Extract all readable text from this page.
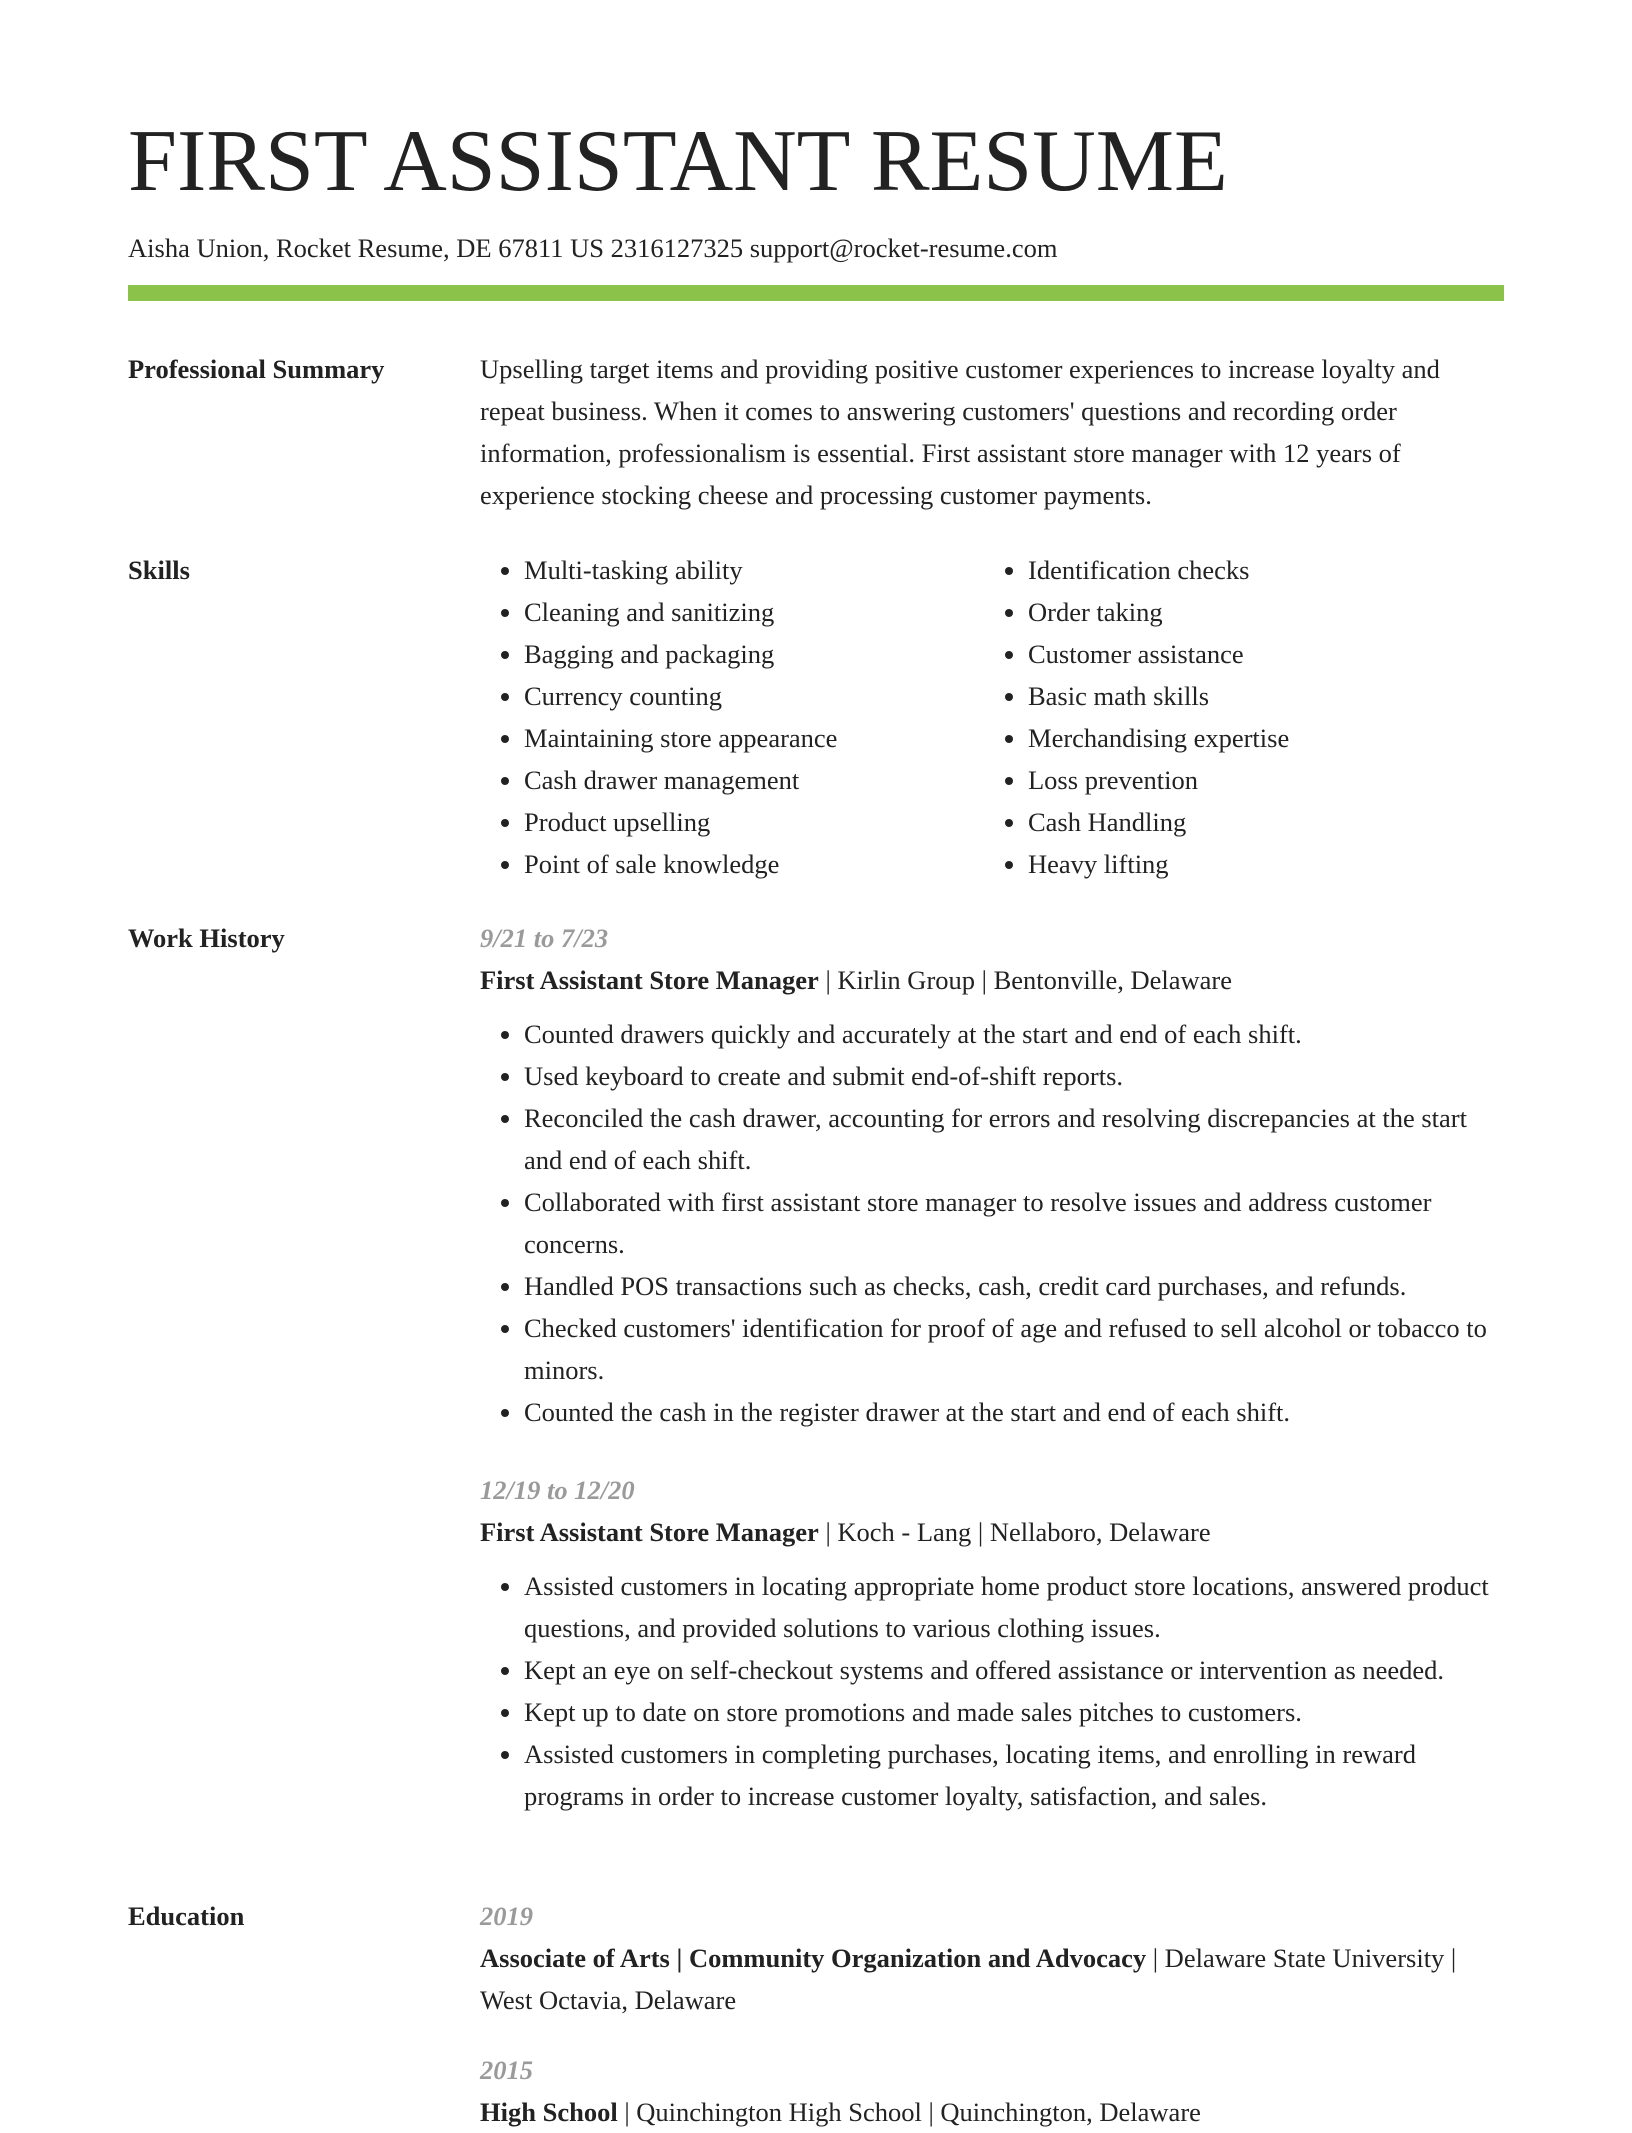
FIRST ASSISTANT RESUME
Aisha Union, Rocket Resume, DE 67811 US 2316127325 support@rocket-resume.com
Professional Summary	Upselling target items and providing positive customer experiences to increase loyalty and repeat business. When it comes to answering customers' questions and recording order information, professionalism is essential. First assistant store manager with 12 years of experience stocking cheese and processing customer payments.

Skills
•	Multi-tasking ability
• Cleaning and sanitizing
• Bagging and packaging
• Currency counting
• Maintaining store appearance
• Cash drawer management
• Product upselling
• Point of sale knowledge
• Identification checks
• Order taking
• Customer assistance
• Basic math skills
• Merchandising expertise
• Loss prevention
• Cash Handling
• Heavy lifting
Work History	9/21 to 7/23
First Assistant Store Manager | Kirlin Group | Bentonville, Delaware
• Counted drawers quickly and accurately at the start and end of each shift.
• Used keyboard to create and submit end-of-shift reports.
• Reconciled the cash drawer, accounting for errors and resolving discrepancies at the start and end of each shift.
• Collaborated with first assistant store manager to resolve issues and address customer concerns.
• Handled POS transactions such as checks, cash, credit card purchases, and refunds.
• Checked customers' identification for proof of age and refused to sell alcohol or tobacco to minors.
• Counted the cash in the register drawer at the start and end of each shift.
12/19 to 12/20
First Assistant Store Manager | Koch - Lang | Nellaboro, Delaware
• Assisted customers in locating appropriate home product store locations, answered product questions, and provided solutions to various clothing issues.
• Kept an eye on self-checkout systems and offered assistance or intervention as needed.
• Kept up to date on store promotions and made sales pitches to customers.
• Assisted customers in completing purchases, locating items, and enrolling in reward programs in order to increase customer loyalty, satisfaction, and sales.
Education	2019
Associate of Arts | Community Organization and Advocacy | Delaware State University | West Octavia, Delaware
2015
High School | Quinchington High School | Quinchington, Delaware
